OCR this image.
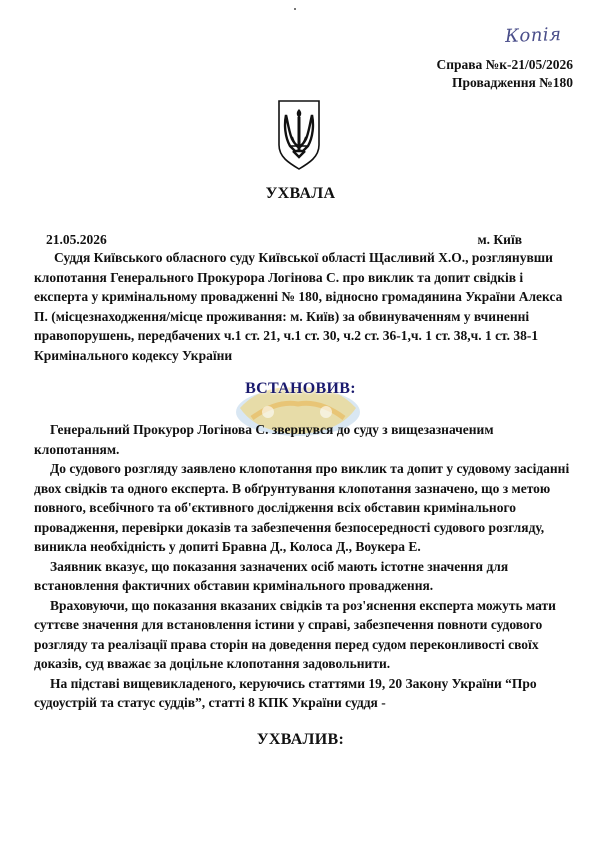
Копія
Справа №к-21/05/2026
Провадження №180
УХВАЛА
21.05.2026	м. Київ
Суддя Київського обласного суду Київської області Щасливий Х.О., розглянувши клопотання Генерального Прокурора Логінова С. про виклик та допит свідків і експерта у кримінальному провадженні № 180, відносно громадянина України Алекса П. (місцезнаходження/місце проживання: м. Київ) за обвинуваченням у вчиненні правопорушень, передбачених ч.1 ст. 21, ч.1 ст. 30, ч.2 ст. 36-1,ч. 1 ст. 38,ч. 1 ст. 38-1 Кримінального кодексу України
ВСТАНОВИВ:

Генеральний Прокурор Логінова С. звернувся до суду з вищезазначеним клопотанням.

До судового розгляду заявлено клопотання про виклик та допит у судовому засіданні двох свідків та одного експерта. В обґрунтування клопотання зазначено, що з метою повного, всебічного та об'єктивного дослідження всіх обставин кримінального провадження, перевірки доказів та забезпечення безпосередності судового розгляду, виникла необхідність у допиті Бравна Д., Колоса Д., Воукера Е.

Заявник вказує, що показання зазначених осіб мають істотне значення для встановлення фактичних обставин кримінального провадження.

Враховуючи, що показання вказаних свідків та роз'яснення експерта можуть мати суттєве значення для встановлення істини у справі, забезпечення повноти судового розгляду та реалізації права сторін на доведення перед судом переконливості своїх доказів, суд вважає за доцільне клопотання задовольнити.

На підставі вищевикладеного, керуючись статтями 19, 20 Закону України “Про судоустрій та статус суддів”, статті 8 КПК України суддя -

УХВАЛИВ:
